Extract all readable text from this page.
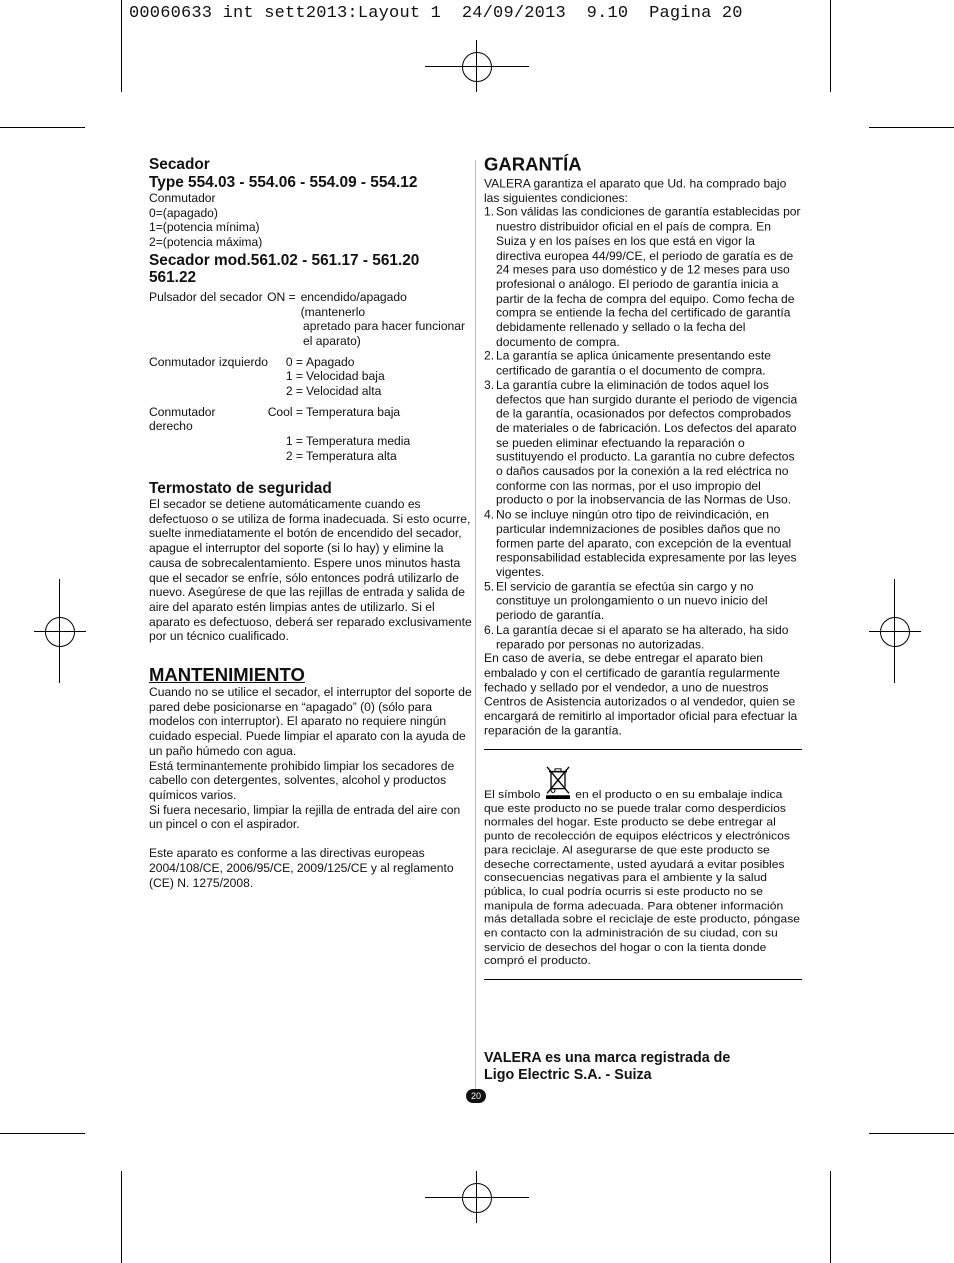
00060633 int sett2013:Layout 1  24/09/2013  9.10  Pagina 20

Secador

Type 554.03 - 554.06 - 554.09 - 554.12

Conmutador

0=(apagado)

1=(potencia mínima)

2=(potencia máxima)

Secador mod.561.02 - 561.17 - 561.20

561.22

Pulsador del secador ON = encendido/apagado (mantenerlo
apretado para hacer funcionar
el aparato)
Conmutador izquierdo	0 = Apagado
1 = Velocidad baja
2 = Velocidad alta
Conmutador derecho
Cool = Temperatura baja
1 = Temperatura media
2 = Temperatura alta

Termostato de seguridad

El secador se detiene automáticamente cuando es defectuoso o se utiliza de forma inadecuada. Si esto ocurre, suelte inmediatamente el botón de encendido del secador, apague el interruptor del soporte (si lo hay) y elimine la causa de sobrecalentamiento. Espere unos minutos hasta que el secador se enfríe, sólo entonces podrá utilizarlo de nuevo. Asegúrese de que las rejillas de entrada y salida de aire del aparato estén limpias antes de utilizarlo. Si el aparato es defectuoso, deberá ser reparado exclusivamente por un técnico cualificado.

MANTENIMIENTO

Cuando no se utilice el secador, el interruptor del soporte de pared debe posicionarse en “apagado” (0) (sólo para modelos con interruptor). El aparato no requiere ningún cuidado especial. Puede limpiar el aparato con la ayuda de un paño húmedo con agua.

Está terminantemente prohibido limpiar los secadores de cabello con detergentes, solventes, alcohol y productos químicos varios.

Si fuera necesario, limpiar la rejilla de entrada del aire con un pincel o con el aspirador.

Este aparato es conforme a las directivas europeas 2004/108/CE, 2006/95/CE, 2009/125/CE y al reglamento (CE) N. 1275/2008.

GARANTÍA

VALERA garantiza el aparato que Ud. ha comprado bajo las siguientes condiciones:

1. Son válidas las condiciones de garantía establecidas por nuestro distribuidor oficial en el país de compra. En Suiza y en los países en los que está en vigor la directiva europea 44/99/CE, el periodo de garatía es de 24 meses para uso doméstico y de 12 meses para uso profesional o análogo. El periodo de garantía inicia a partir de la fecha de compra del equipo. Como fecha de compra se entiende la fecha del certificado de garantía debidamente rellenado y sellado o la fecha del documento de compra.
2. La garantía se aplica únicamente presentando este certificado de garantía o el documento de compra.
3. La garantía cubre la eliminación de todos aquel los defectos que han surgido durante el periodo de vigencia de la garantía, ocasionados por defectos comprobados de materiales o de fabricación. Los defectos del aparato se pueden eliminar efectuando la reparación o sustituyendo el producto. La garantía no cubre defectos o daños causados por la conexión a la red eléctrica no conforme con las normas, por el uso impropio del producto o por la inobservancia de las Normas de Uso.
4. No se incluye ningún otro tipo de reivindicación, en particular indemnizaciones de posibles daños que no formen parte del aparato, con excepción de la eventual responsabilidad establecida expresamente por las leyes vigentes.
5. El servicio de garantía se efectúa sin cargo y no constituye un prolongamiento o un nuevo inicio del periodo de garantía.
6. La garantía decae si el aparato se ha alterado, ha sido reparado por personas no autorizadas.

En caso de avería, se debe entregar el aparato bien embalado y con el certificado de garantía regularmente fechado y sellado por el vendedor, a uno de nuestros Centros de Asistencia autorizados o al vendedor, quien se encargará de remitirlo al importador oficial para efectuar la reparación de la garantía.

El símbolo	en el producto o en su embalaje indica que este producto no se puede tralar como desperdicios normales del hogar. Este producto se debe entregar al punto de recolección de equipos eléctricos y electrónicos para reciclaje. Al asegurarse de que este producto se deseche correctamente, usted ayudará a evitar posibles consecuencias negativas para el ambiente y la salud pública, lo cual podría ocurris si este producto no se manipula de forma adecuada. Para obtener información más detallada sobre el reciclaje de este producto, póngase en contacto con la administración de su ciudad, con su servicio de desechos del hogar o con la tienta donde compró el producto.

VALERA es una marca registrada de
Ligo Electric S.A. - Suiza
20
